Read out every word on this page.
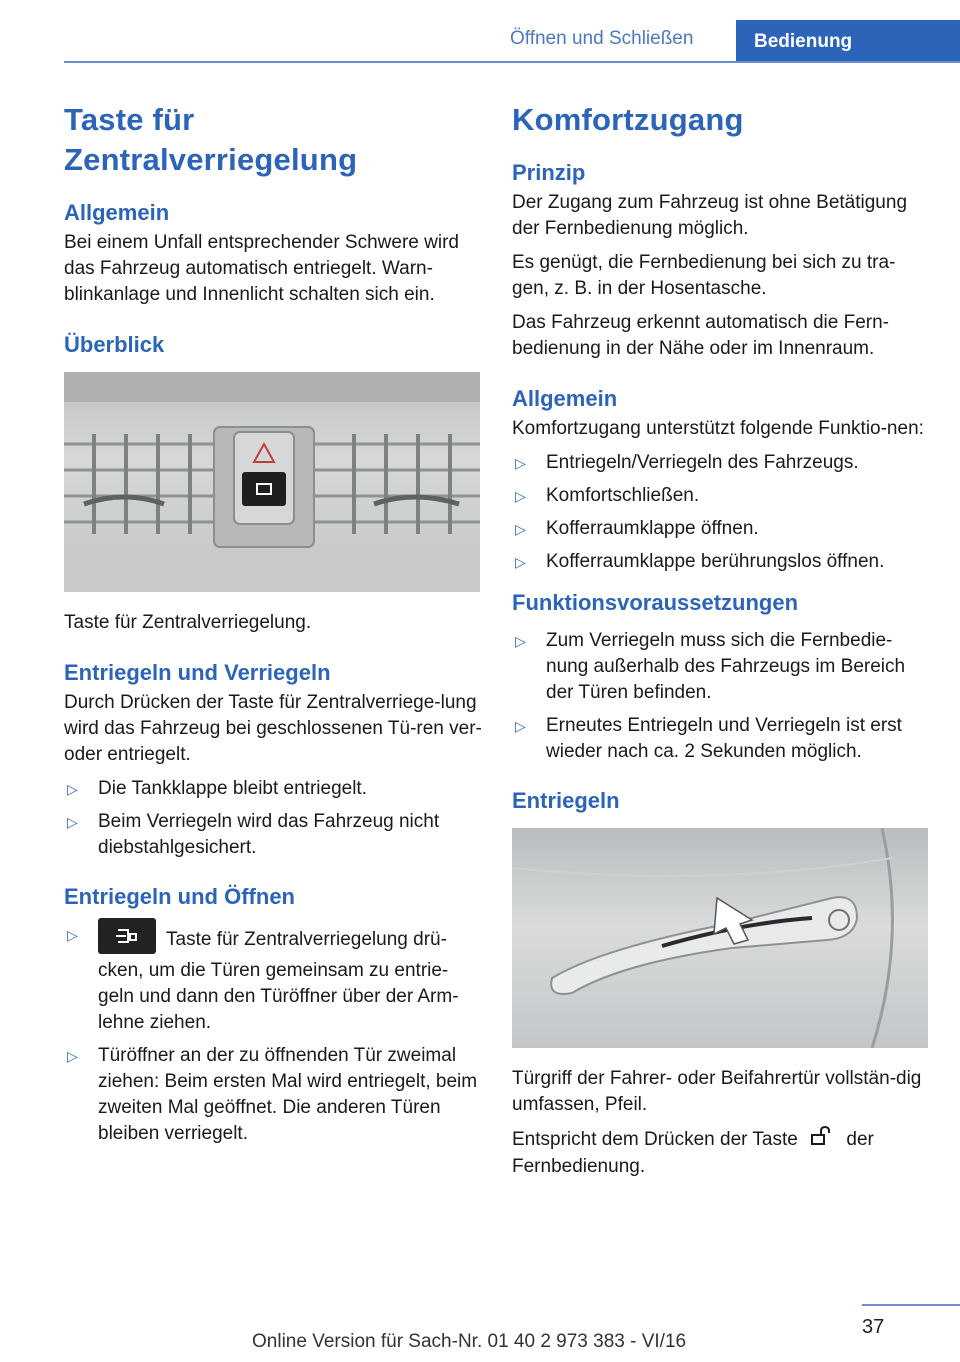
Öffnen und Schließen	Bedienung
Taste für Zentralverriegelung
Allgemein

Bei einem Unfall entsprechender Schwere wird das Fahrzeug automatisch entriegelt. Warn-blinkanlage und Innenlicht schalten sich ein.

Überblick

Taste für Zentralverriegelung.

Entriegeln und Verriegeln

Durch Drücken der Taste für Zentralverriege-lung wird das Fahrzeug bei geschlossenen Tü-ren ver- oder entriegelt.

▷ Die Tankklappe bleibt entriegelt.
▷ Beim Verriegeln wird das Fahrzeug nicht diebstahlgesichert.
Entriegeln und Öffnen
▷	Taste für Zentralverriegelung drü-cken, um die Türen gemeinsam zu entrie-geln und dann den Türöffner über der Arm-lehne ziehen.
▷ Türöffner an der zu öffnenden Tür zweimal ziehen: Beim ersten Mal wird entriegelt, beim zweiten Mal geöffnet. Die anderen Türen bleiben verriegelt.
Komfortzugang
Prinzip

Der Zugang zum Fahrzeug ist ohne Betätigung der Fernbedienung möglich.

Es genügt, die Fernbedienung bei sich zu tra-gen, z. B. in der Hosentasche.

Das Fahrzeug erkennt automatisch die Fern-bedienung in der Nähe oder im Innenraum.

Allgemein

Komfortzugang unterstützt folgende Funktio-nen:

▷ Entriegeln/Verriegeln des Fahrzeugs.
▷ Komfortschließen.
▷ Kofferraumklappe öffnen.
▷ Kofferraumklappe berührungslos öffnen.
Funktionsvoraussetzungen
▷ Zum Verriegeln muss sich die Fernbedie-nung außerhalb des Fahrzeugs im Bereich der Türen befinden.
▷ Erneutes Entriegeln und Verriegeln ist erst wieder nach ca. 2 Sekunden möglich.
Entriegeln

Türgriff der Fahrer- oder Beifahrertür vollstän-dig umfassen, Pfeil.

Entspricht dem Drücken der Taste	der Fernbedienung.

37
Online Version für Sach-Nr. 01 40 2 973 383 - VI/16
